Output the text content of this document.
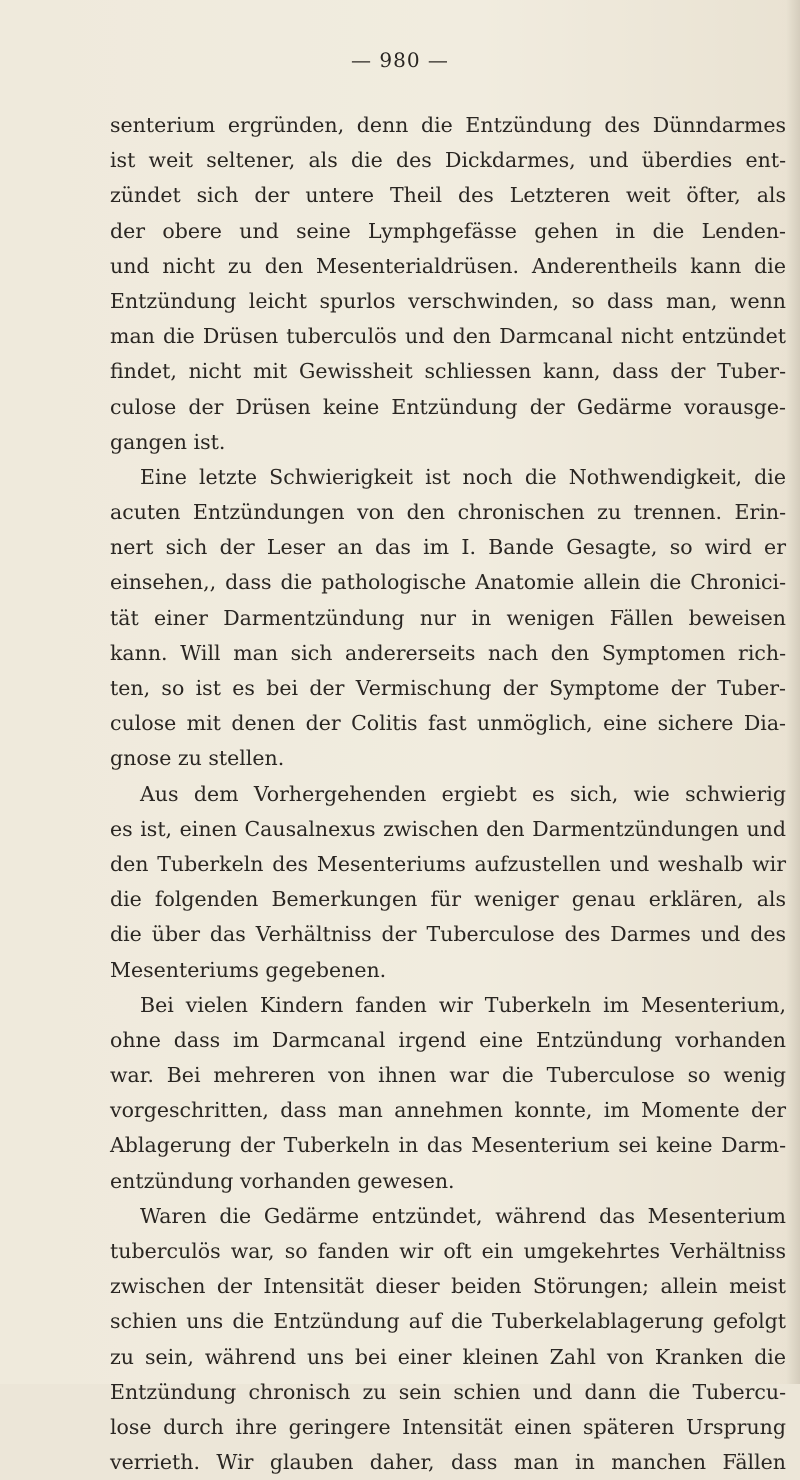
— 980 —
senterium ergründen, denn die Entzündung des Dünndarmes
ist weit seltener, als die des Dickdarmes, und überdies ent-
zündet sich der untere Theil des Letzteren weit öfter, als
der obere und seine Lymphgefässe gehen in die Lenden-
und nicht zu den Mesenterialdrüsen. Anderentheils kann die
Entzündung leicht spurlos verschwinden, so dass man, wenn
man die Drüsen tuberculös und den Darmcanal nicht entzündet
findet, nicht mit Gewissheit schliessen kann, dass der Tuber-
culose der Drüsen keine Entzündung der Gedärme vorausge-
gangen ist.
Eine letzte Schwierigkeit ist noch die Nothwendigkeit, die
acuten Entzündungen von den chronischen zu trennen. Erin-
nert sich der Leser an das im I. Bande Gesagte, so wird er
einsehen,, dass die pathologische Anatomie allein die Chronici-
tät einer Darmentzündung nur in wenigen Fällen beweisen
kann. Will man sich andererseits nach den Symptomen rich-
ten, so ist es bei der Vermischung der Symptome der Tuber-
culose mit denen der Colitis fast unmöglich, eine sichere Dia-
gnose zu stellen.
Aus dem Vorhergehenden ergiebt es sich, wie schwierig
es ist, einen Causalnexus zwischen den Darmentzündungen und
den Tuberkeln des Mesenteriums aufzustellen und weshalb wir
die folgenden Bemerkungen für weniger genau erklären, als
die über das Verhältniss der Tuberculose des Darmes und des
Mesenteriums gegebenen.
Bei vielen Kindern fanden wir Tuberkeln im Mesenterium,
ohne dass im Darmcanal irgend eine Entzündung vorhanden
war. Bei mehreren von ihnen war die Tuberculose so wenig
vorgeschritten, dass man annehmen konnte, im Momente der
Ablagerung der Tuberkeln in das Mesenterium sei keine Darm-
entzündung vorhanden gewesen.
Waren die Gedärme entzündet, während das Mesenterium
tuberculös war, so fanden wir oft ein umgekehrtes Verhältniss
zwischen der Intensität dieser beiden Störungen; allein meist
schien uns die Entzündung auf die Tuberkelablagerung gefolgt
zu sein, während uns bei einer kleinen Zahl von Kranken die
Entzündung chronisch zu sein schien und dann die Tubercu-
lose durch ihre geringere Intensität einen späteren Ursprung
verrieth. Wir glauben daher, dass man in manchen Fällen
